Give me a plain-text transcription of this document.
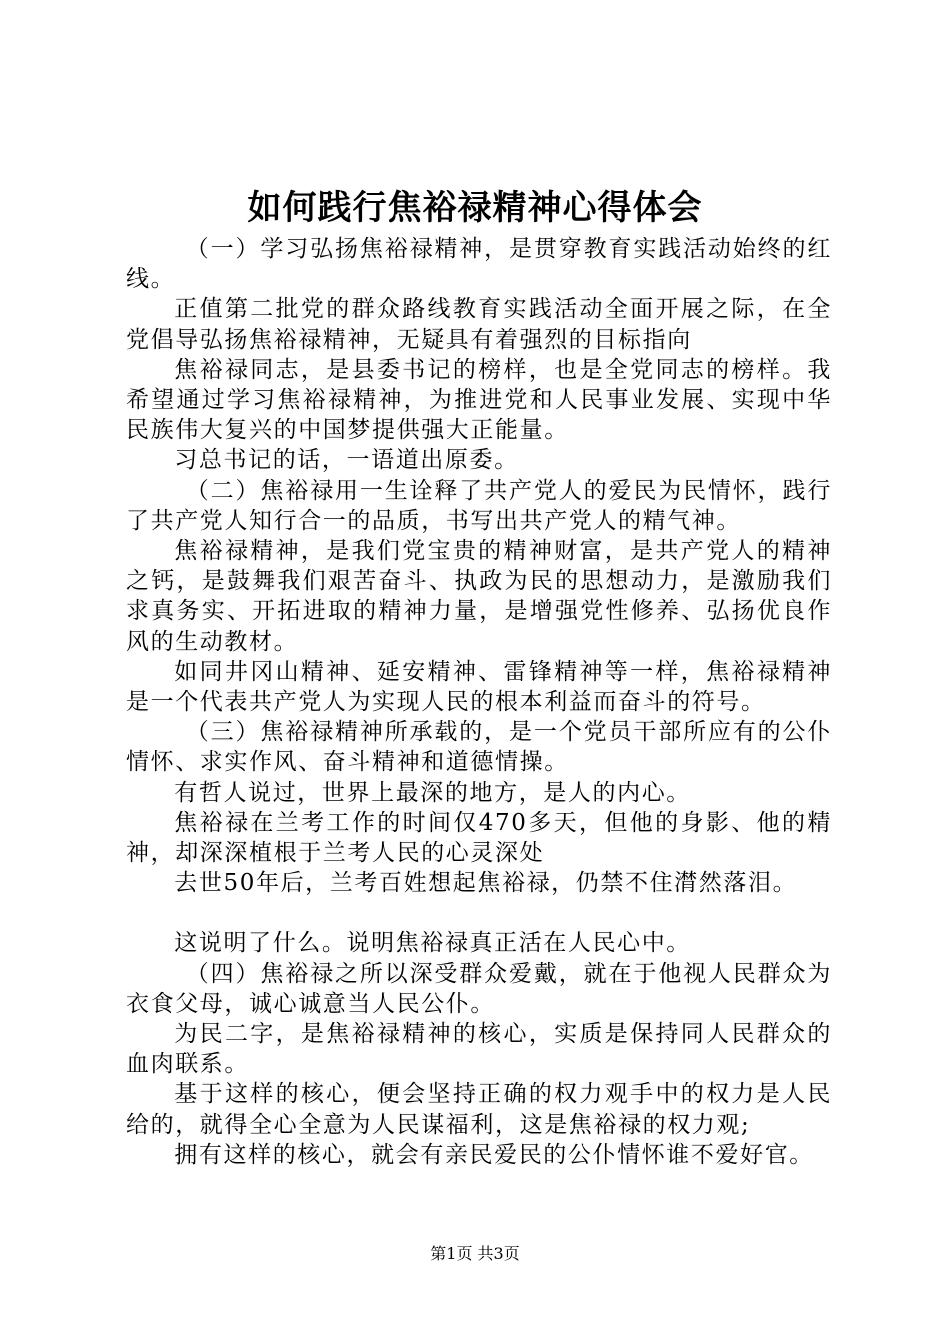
如何践行焦裕禄精神心得体会

（一）学习弘扬焦裕禄精神，是贯穿教育实践活动始终的红线。

正值第二批党的群众路线教育实践活动全面开展之际，在全党倡导弘扬焦裕禄精神，无疑具有着强烈的目标指向

焦裕禄同志，是县委书记的榜样，也是全党同志的榜样。我希望通过学习焦裕禄精神，为推进党和人民事业发展、实现中华民族伟大复兴的中国梦提供强大正能量。

习总书记的话，一语道出原委。

（二）焦裕禄用一生诠释了共产党人的爱民为民情怀，践行了共产党人知行合一的品质，书写出共产党人的精气神。

焦裕禄精神，是我们党宝贵的精神财富，是共产党人的精神之钙，是鼓舞我们艰苦奋斗、执政为民的思想动力，是激励我们求真务实、开拓进取的精神力量，是增强党性修养、弘扬优良作风的生动教材。

如同井冈山精神、延安精神、雷锋精神等一样，焦裕禄精神是一个代表共产党人为实现人民的根本利益而奋斗的符号。

（三）焦裕禄精神所承载的，是一个党员干部所应有的公仆情怀、求实作风、奋斗精神和道德情操。

有哲人说过，世界上最深的地方，是人的内心。

焦裕禄在兰考工作的时间仅470多天，但他的身影、他的精神，却深深植根于兰考人民的心灵深处

去世50年后，兰考百姓想起焦裕禄，仍禁不住潸然落泪。

这说明了什么。说明焦裕禄真正活在人民心中。

（四）焦裕禄之所以深受群众爱戴，就在于他视人民群众为衣食父母，诚心诚意当人民公仆。

为民二字，是焦裕禄精神的核心，实质是保持同人民群众的血肉联系。

基于这样的核心，便会坚持正确的权力观手中的权力是人民给的，就得全心全意为人民谋福利，这是焦裕禄的权力观;

拥有这样的核心，就会有亲民爱民的公仆情怀谁不爱好官。

第1页 共3页
